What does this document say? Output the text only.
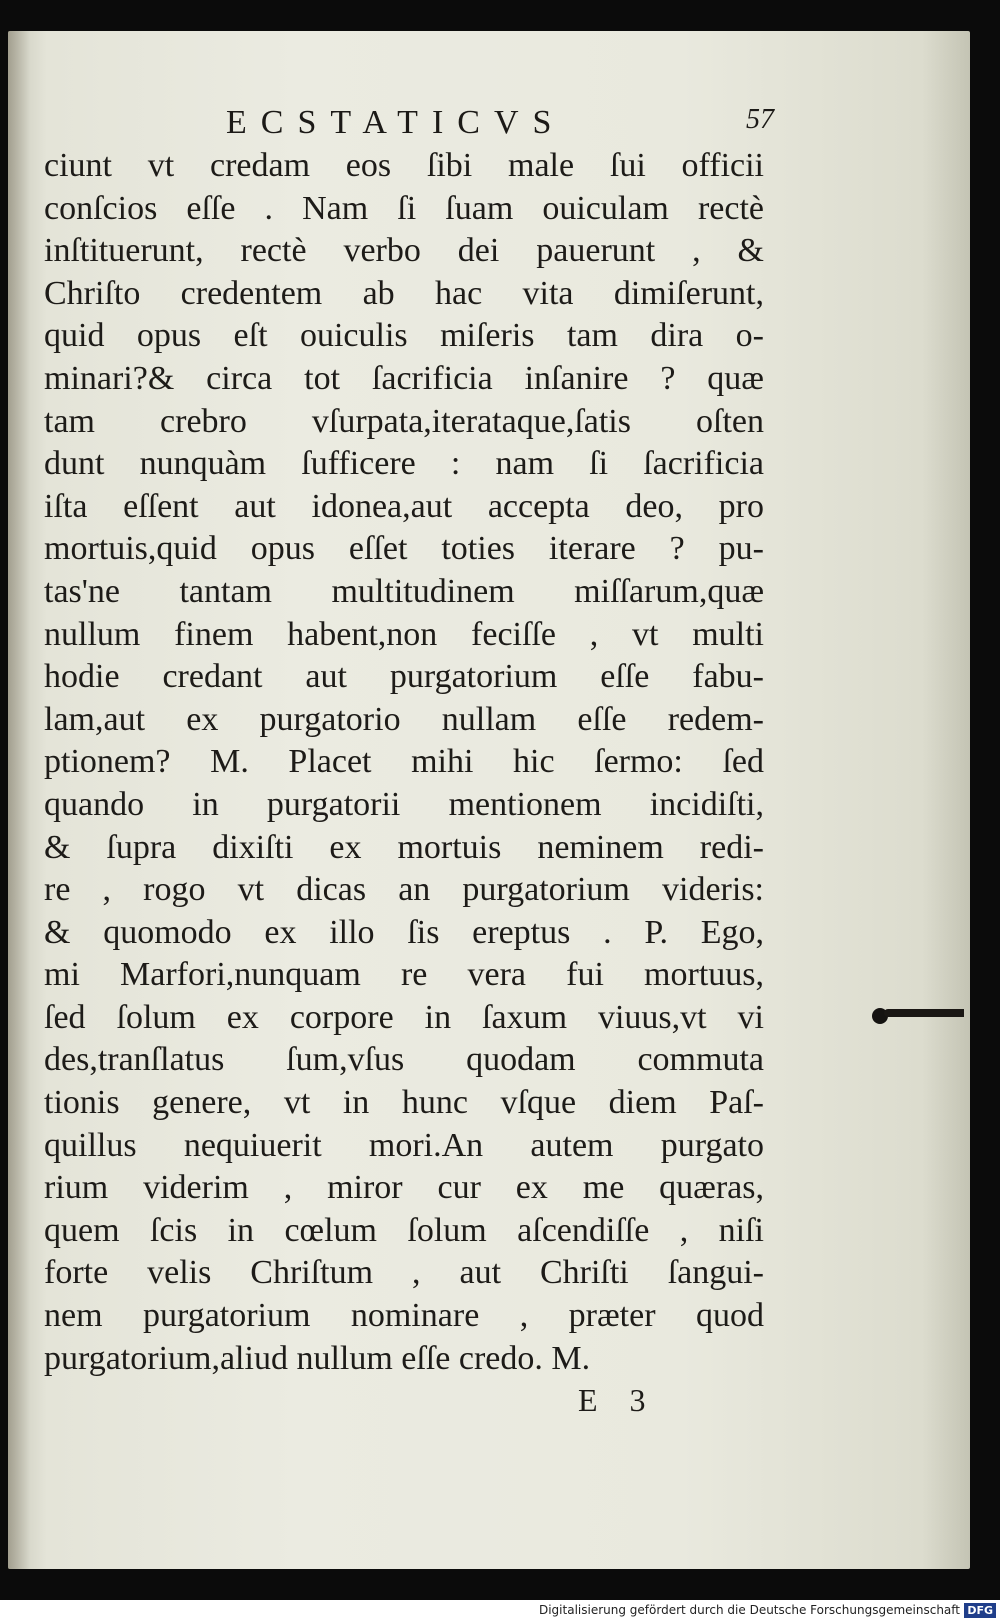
ECSTATICVS	57
ciunt vt credam eos ſibi male ſui officii
conſcios eſſe . Nam ſi ſuam ouiculam rectè
inſtituerunt, rectè verbo dei pauerunt , &
Chriſto credentem ab hac vita dimiſerunt,
quid opus eſt ouiculis miſeris tam dira o-
minari?& circa tot ſacrificia inſanire ? quæ
tam crebro vſurpata,iterataque,ſatis oſten
dunt nunquàm ſufficere : nam ſi ſacrificia
iſta eſſent aut idonea,aut accepta deo, pro
mortuis,quid opus eſſet toties iterare ? pu-
tas'ne tantam multitudinem miſſarum,quæ
nullum finem habent,non feciſſe , vt multi
hodie credant aut purgatorium eſſe fabu-
lam,aut ex purgatorio nullam eſſe redem-
ptionem? M. Placet mihi hic ſermo: ſed
quando in purgatorii mentionem incidiſti,
& ſupra dixiſti ex mortuis neminem redi-
re , rogo vt dicas an purgatorium videris:
& quomodo ex illo ſis ereptus . P. Ego,
mi Marfori,nunquam re vera fui mortuus,
ſed ſolum ex corpore in ſaxum viuus,vt vi
des,tranſlatus ſum,vſus quodam commuta
tionis genere, vt in hunc vſque diem Paſ-
quillus nequiuerit mori.An autem purgato
rium viderim , miror cur ex me quæras,
quem ſcis in cœlum ſolum aſcendiſſe , niſi
forte velis Chriſtum , aut Chriſti ſangui-
nem purgatorium nominare , præter quod
purgatorium,aliud nullum eſſe credo. M.
E 3
Digitalisierung gefördert durch die Deutsche Forschungsgemeinschaft DFG
